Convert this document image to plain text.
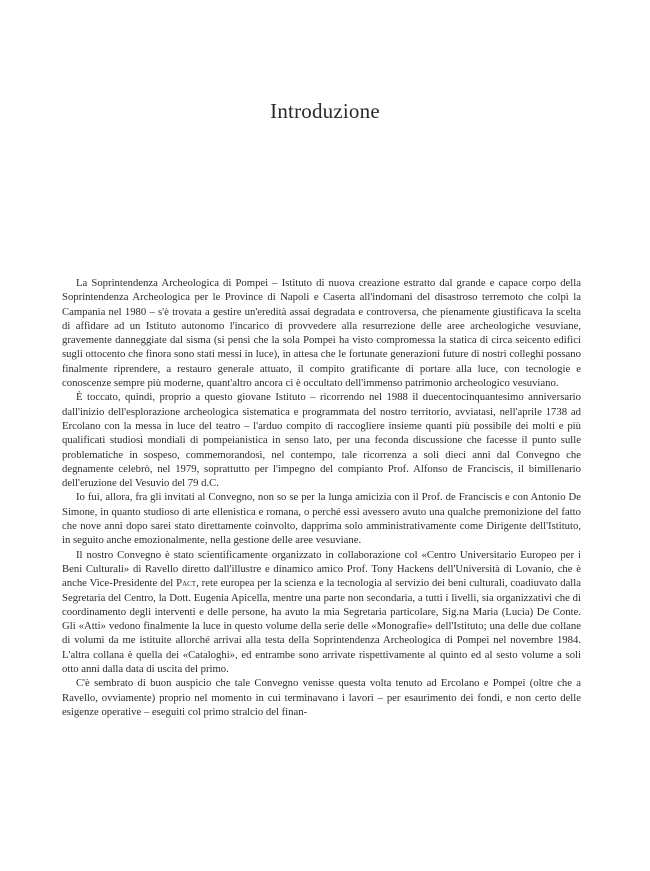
Introduzione

La Soprintendenza Archeologica di Pompei – Istituto di nuova creazione estratto dal grande e capace corpo della Soprintendenza Archeologica per le Province di Napoli e Caserta all'indomani del disastroso terremoto che colpì la Campania nel 1980 – s'è trovata a gestire un'eredità assai degradata e controversa, che pienamente giustificava la scelta di affidare ad un Istituto autonomo l'incarico di provvedere alla resurrezione delle aree archeologiche vesuviane, gravemente danneggiate dal sisma (si pensi che la sola Pompei ha visto compromessa la statica di circa seicento edifici sugli ottocento che finora sono stati messi in luce), in attesa che le fortunate generazioni future di nostri colleghi possano finalmente riprendere, a restauro generale attuato, il compito gratificante di portare alla luce, con tecnologie e conoscenze sempre più moderne, quant'altro ancora ci è occultato dell'immenso patrimonio archeologico vesuviano.

È toccato, quindi, proprio a questo giovane Istituto – ricorrendo nel 1988 il duecentocinquantesimo anniversario dall'inizio dell'esplorazione archeologica sistematica e programmata del nostro territorio, avviatasi, nell'aprile 1738 ad Ercolano con la messa in luce del teatro – l'arduo compito di raccogliere insieme quanti più possibile dei molti e più qualificati studiosi mondiali di pompeianistica in senso lato, per una feconda discussione che facesse il punto sulle problematiche in sospeso, commemorandosi, nel contempo, tale ricorrenza a soli dieci anni dal Convegno che degnamente celebrò, nel 1979, soprattutto per l'impegno del compianto Prof. Alfonso de Franciscis, il bimillenario dell'eruzione del Vesuvio del 79 d.C.

Io fui, allora, fra gli invitati al Convegno, non so se per la lunga amicizia con il Prof. de Franciscis e con Antonio De Simone, in quanto studioso di arte ellenistica e romana, o perché essi avessero avuto una qualche premonizione del fatto che nove anni dopo sarei stato direttamente coinvolto, dapprima solo amministrativamente come Dirigente dell'Istituto, in seguito anche emozionalmente, nella gestione delle aree vesuviane.

Il nostro Convegno è stato scientificamente organizzato in collaborazione col «Centro Universitario Europeo per i Beni Culturali» di Ravello diretto dall'illustre e dinamico amico Prof. Tony Hackens dell'Università di Lovanio, che è anche Vice-Presidente del Pact, rete europea per la scienza e la tecnologia al servizio dei beni culturali, coadiuvato dalla Segretaria del Centro, la Dott. Eugenia Apicella, mentre una parte non secondaria, a tutti i livelli, sia organizzativi che di coordinamento degli interventi e delle persone, ha avuto la mia Segretaria particolare, Sig.na Maria (Lucia) De Conte. Gli «Atti» vedono finalmente la luce in questo volume della serie delle «Monografie» dell'Istituto; una delle due collane di volumi da me istituite allorché arrivai alla testa della Soprintendenza Archeologica di Pompei nel novembre 1984. L'altra collana è quella dei «Cataloghi», ed entrambe sono arrivate rispettivamente al quinto ed al sesto volume a soli otto anni dalla data di uscita del primo.

C'è sembrato di buon auspicio che tale Convegno venisse questa volta tenuto ad Ercolano e Pompei (oltre che a Ravello, ovviamente) proprio nel momento in cui terminavano i lavori – per esaurimento dei fondi, e non certo delle esigenze operative – eseguiti col primo stralcio del finan-
